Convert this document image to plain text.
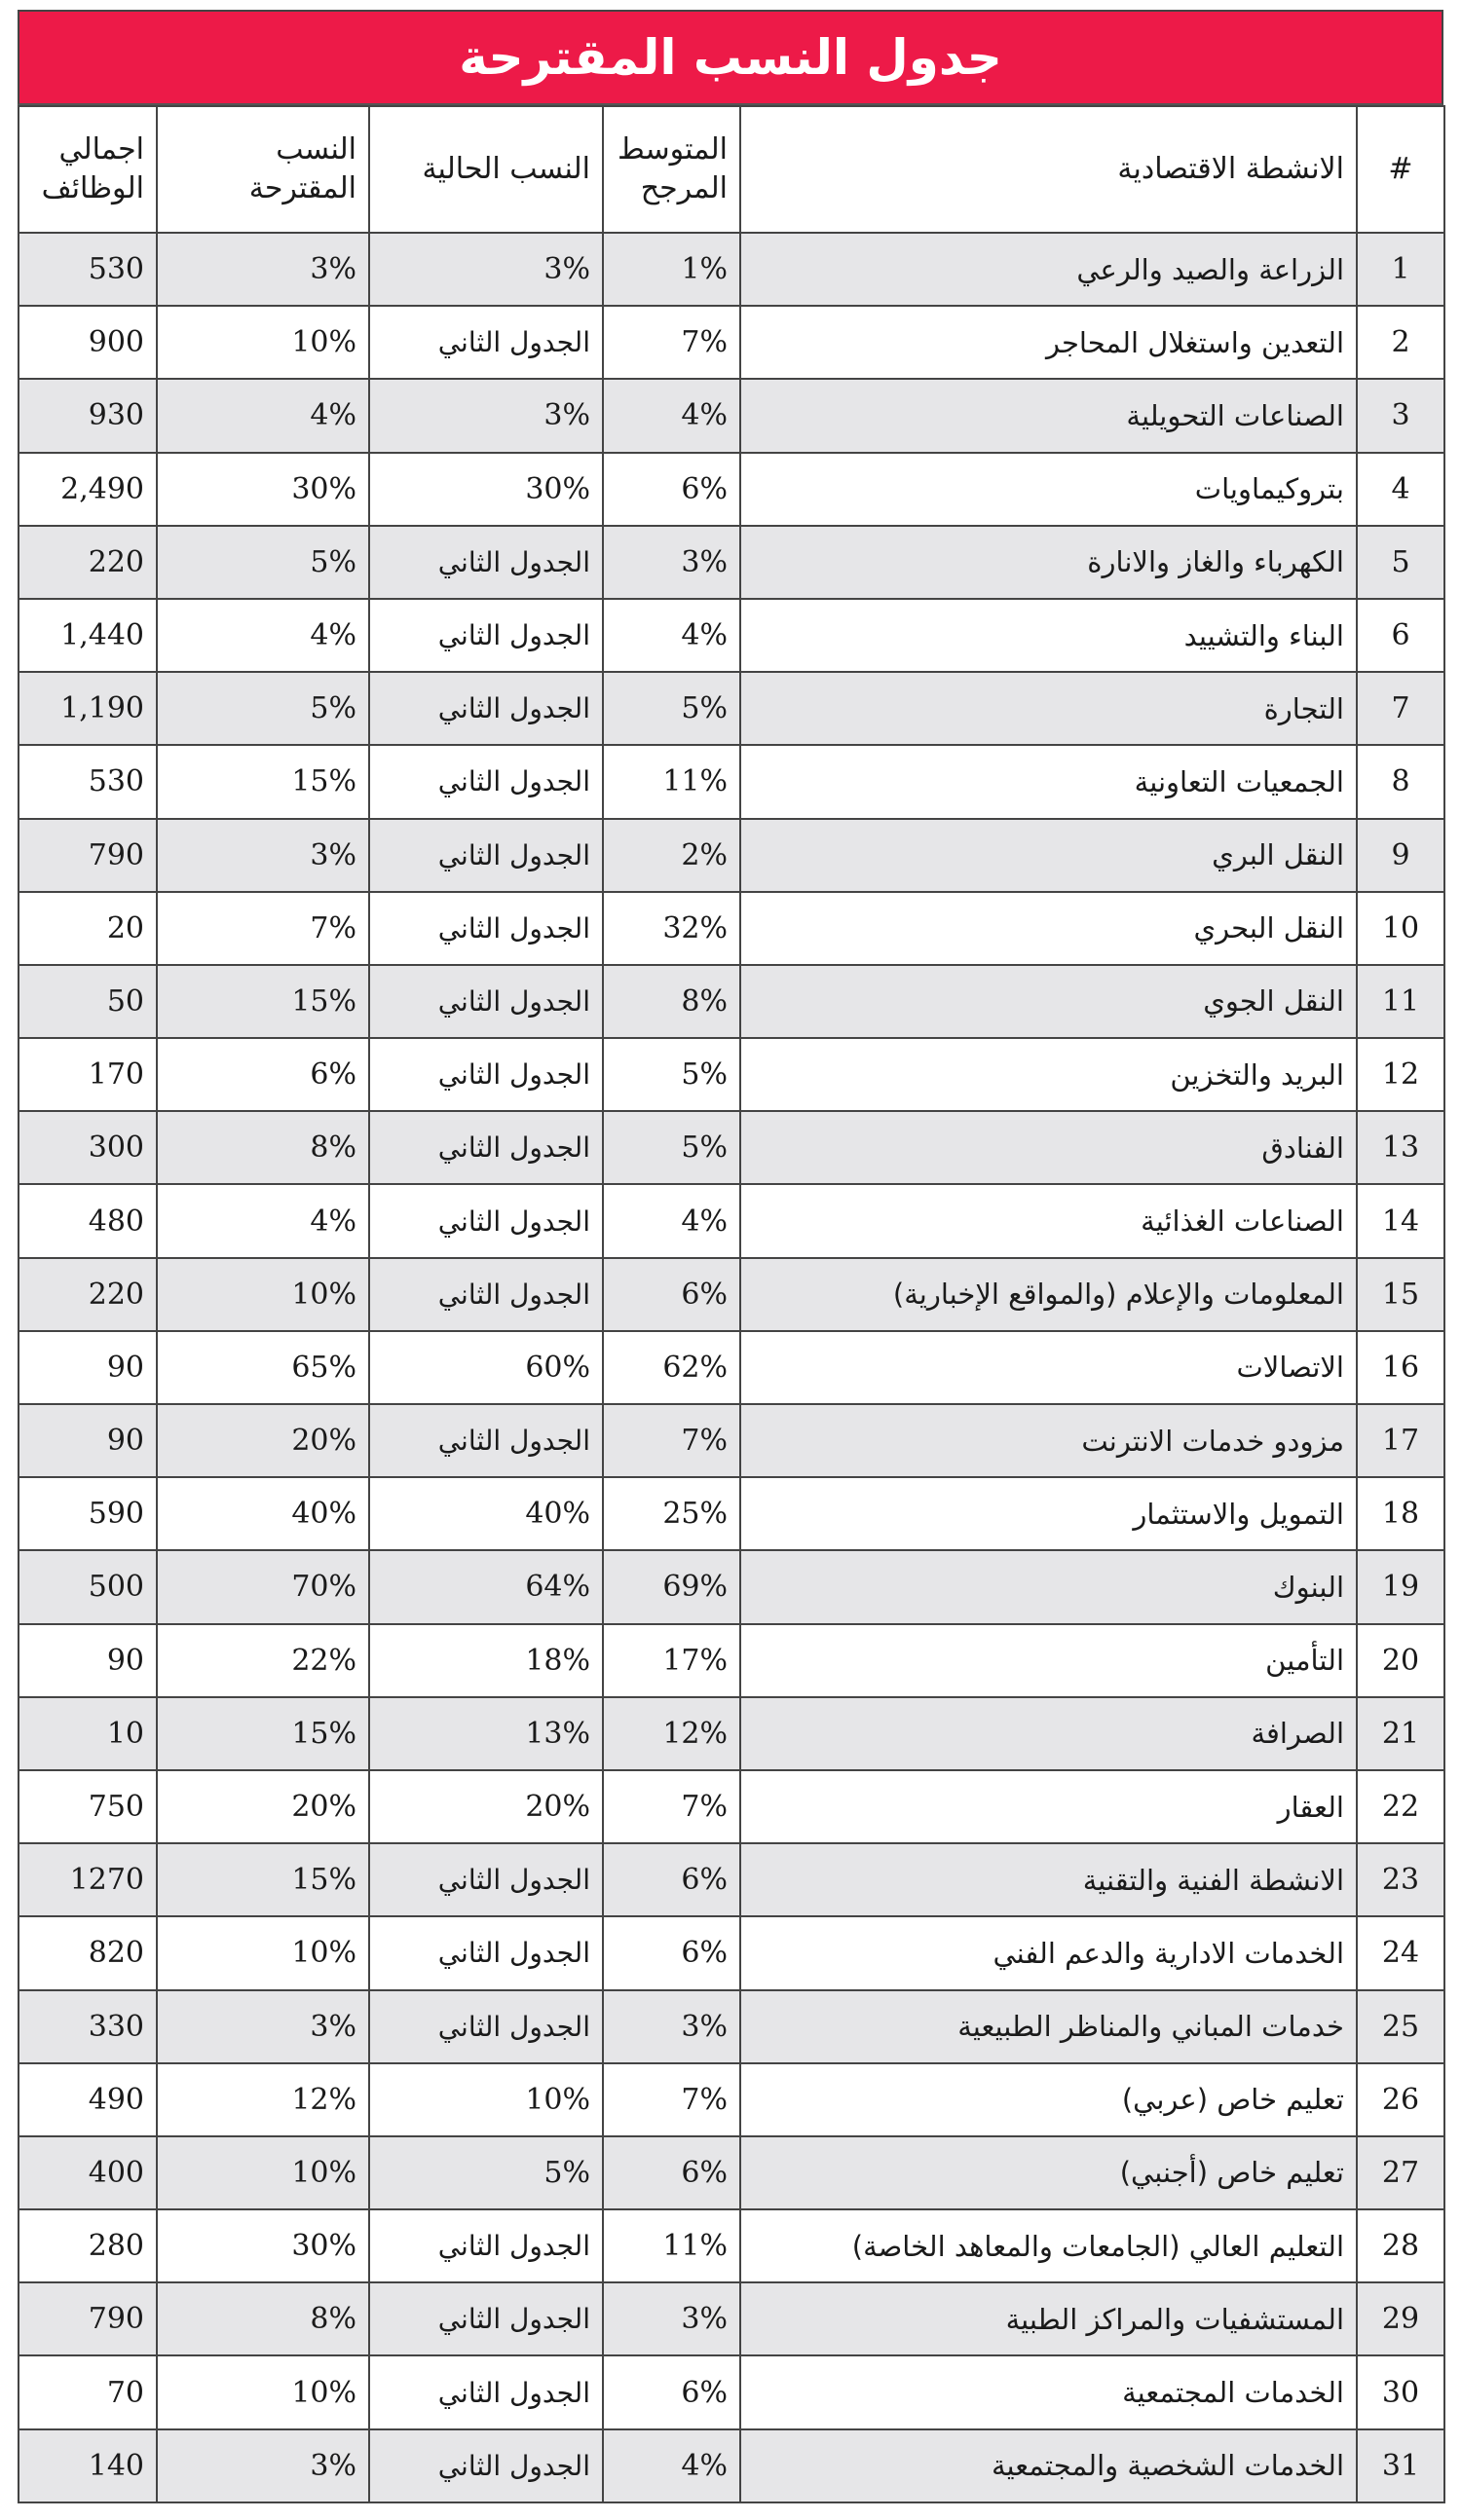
جدول النسب المقترحة
#	الانشطة الاقتصادية	المتوسط المرجح	النسب الحالية	النسب المقترحة	اجمالي الوظائف
1	الزراعة والصيد والرعي	1%	3%	3%	530
2	التعدين واستغلال المحاجر	7%	الجدول الثاني	10%	900
3	الصناعات التحويلية	4%	3%	4%	930
4	بتروكيماويات	6%	30%	30%	2,490
5	الكهرباء والغاز والانارة	3%	الجدول الثاني	5%	220
6	البناء والتشييد	4%	الجدول الثاني	4%	1,440
7	التجارة	5%	الجدول الثاني	5%	1,190
8	الجمعيات التعاونية	11%	الجدول الثاني	15%	530
9	النقل البري	2%	الجدول الثاني	3%	790
10	النقل البحري	32%	الجدول الثاني	7%	20
11	النقل الجوي	8%	الجدول الثاني	15%	50
12	البريد والتخزين	5%	الجدول الثاني	6%	170
13	الفنادق	5%	الجدول الثاني	8%	300
14	الصناعات الغذائية	4%	الجدول الثاني	4%	480
15	المعلومات والإعلام (والمواقع الإخبارية)	6%	الجدول الثاني	10%	220
16	الاتصالات	62%	60%	65%	90
17	مزودو خدمات الانترنت	7%	الجدول الثاني	20%	90
18	التمويل والاستثمار	25%	40%	40%	590
19	البنوك	69%	64%	70%	500
20	التأمين	17%	18%	22%	90
21	الصرافة	12%	13%	15%	10
22	العقار	7%	20%	20%	750
23	الانشطة الفنية والتقنية	6%	الجدول الثاني	15%	1270
24	الخدمات الادارية والدعم الفني	6%	الجدول الثاني	10%	820
25	خدمات المباني والمناظر الطبيعية	3%	الجدول الثاني	3%	330
26	تعليم خاص (عربي)	7%	10%	12%	490
27	تعليم خاص (أجنبي)	6%	5%	10%	400
28	التعليم العالي (الجامعات والمعاهد الخاصة)	11%	الجدول الثاني	30%	280
29	المستشفيات والمراكز الطبية	3%	الجدول الثاني	8%	790
30	الخدمات المجتمعية	6%	الجدول الثاني	10%	70
31	الخدمات الشخصية والمجتمعية	4%	الجدول الثاني	3%	140
